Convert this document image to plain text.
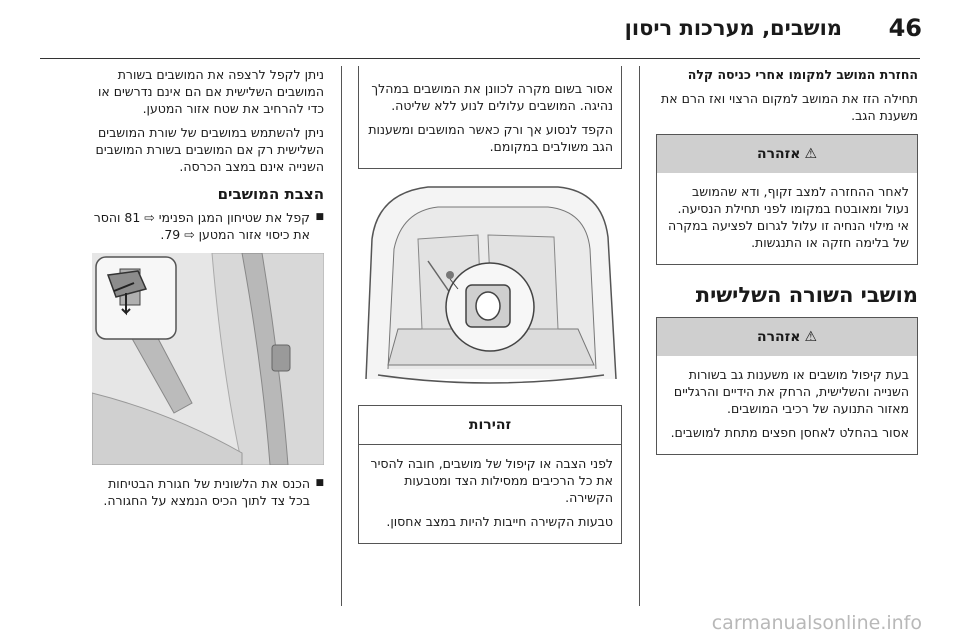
46
מושבים, מערכות ריסון

החזרת המושב למקומו אחרי כניסה קלה

תחילה הזז את המושב למקום הרצוי ואז הרם את משענת הגב.

⚠
אזהרה

לאחר ההחזרה למצב זקוף, ודא שהמושב נעול ומאובטח במקומו לפני תחילת הנסיעה. אי מילוי הנחיה זו עלול לגרום לפציעה במקרה של בלימה חזקה או התנגשות.

מושבי השורה השלישית
⚠
אזהרה

בעת קיפול מושבים או משענות גב בשורות השנייה והשלישית, הרחק את הידיים והרגליים מאזור התנועה של רכיבי המושבים.

אסור בהחלט לאחסן חפצים מתחת למושבים.

אסור בשום מקרה לכוונן את המושבים במהלך נהיגה. המושבים עלולים לנוע ללא שליטה.

הקפד לנסוע אך ורק כאשר המושבים ומשענות הגב משולבים במקומם.

זהירות

לפני הצבה או קיפול של מושבים, חובה להסיר את כל הרכיבים ממסילות הצד ומטבעות הקשירה.

טבעות הקשירה חייבות להיות במצב אחסון.

ניתן לקפל לרצפה את המושבים בשורת המושבים השלישית אם הם אינם נדרשים או כדי להרחיב את שטח אזור המטען.

ניתן להשתמש במושבים של שורת המושבים השלישית רק אם המושבים בשורת המושבים השנייה אינם במצב הכרסה.

הצבת המושבים

■ קפל את שטיחון המגן הפנימי ⇨ 81 והסר את כיסוי אזור המטען ⇨ 79.

■ הכנס את הלשונית של חגורת הבטיחות בכל צד לתוך הכיס הנמצא על החגורה.

carmanualsonline.info
